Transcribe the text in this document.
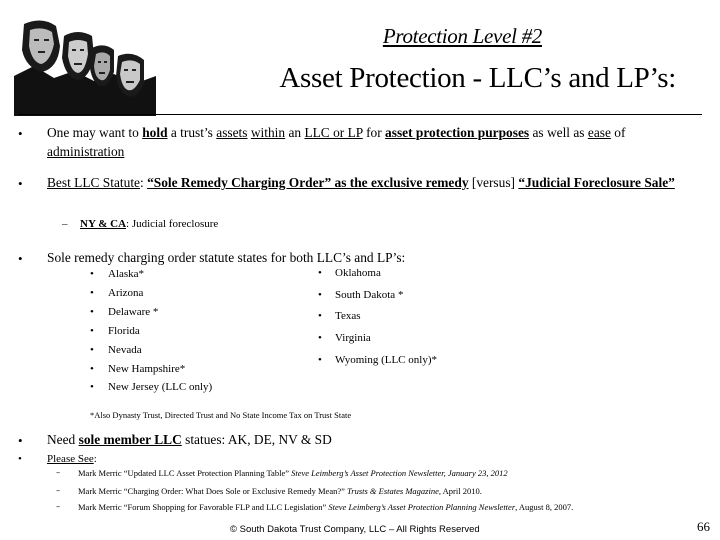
Protection Level #2
Asset Protection - LLC’s and LP’s:
• One may want to hold a trust’s assets within an LLC or LP for asset protection purposes as well as ease of administration
• Best LLC Statute: “Sole Remedy Charging Order” as the exclusive remedy [versus] “Judicial Foreclosure Sale”
– NY & CA: Judicial foreclosure
• Sole remedy charging order statute states for both LLC’s and LP’s:
• Alaska*
• Arizona
• Delaware *
• Florida
• Nevada
• New Hampshire*
• New Jersey (LLC only)
• Oklahoma
• South Dakota *
• Texas
• Virginia
• Wyoming (LLC only)*
*Also Dynasty Trust, Directed Trust and No State Income Tax on Trust State
• Need sole member LLC statues: AK, DE, NV & SD
• Please See:
– Mark Merric “Updated LLC Asset Protection Planning Table” Steve Leimberg’s Asset Protection Newsletter, January 23, 2012
– Mark Merric “Charging Order: What Does Sole or Exclusive Remedy Mean?” Trusts & Estates Magazine, April 2010.
– Mark Merric “Forum Shopping for Favorable FLP and LLC Legislation” Steve Leimberg’s Asset Protection Planning Newsletter, August 8, 2007.
© South Dakota Trust Company, LLC – All Rights Reserved	66
